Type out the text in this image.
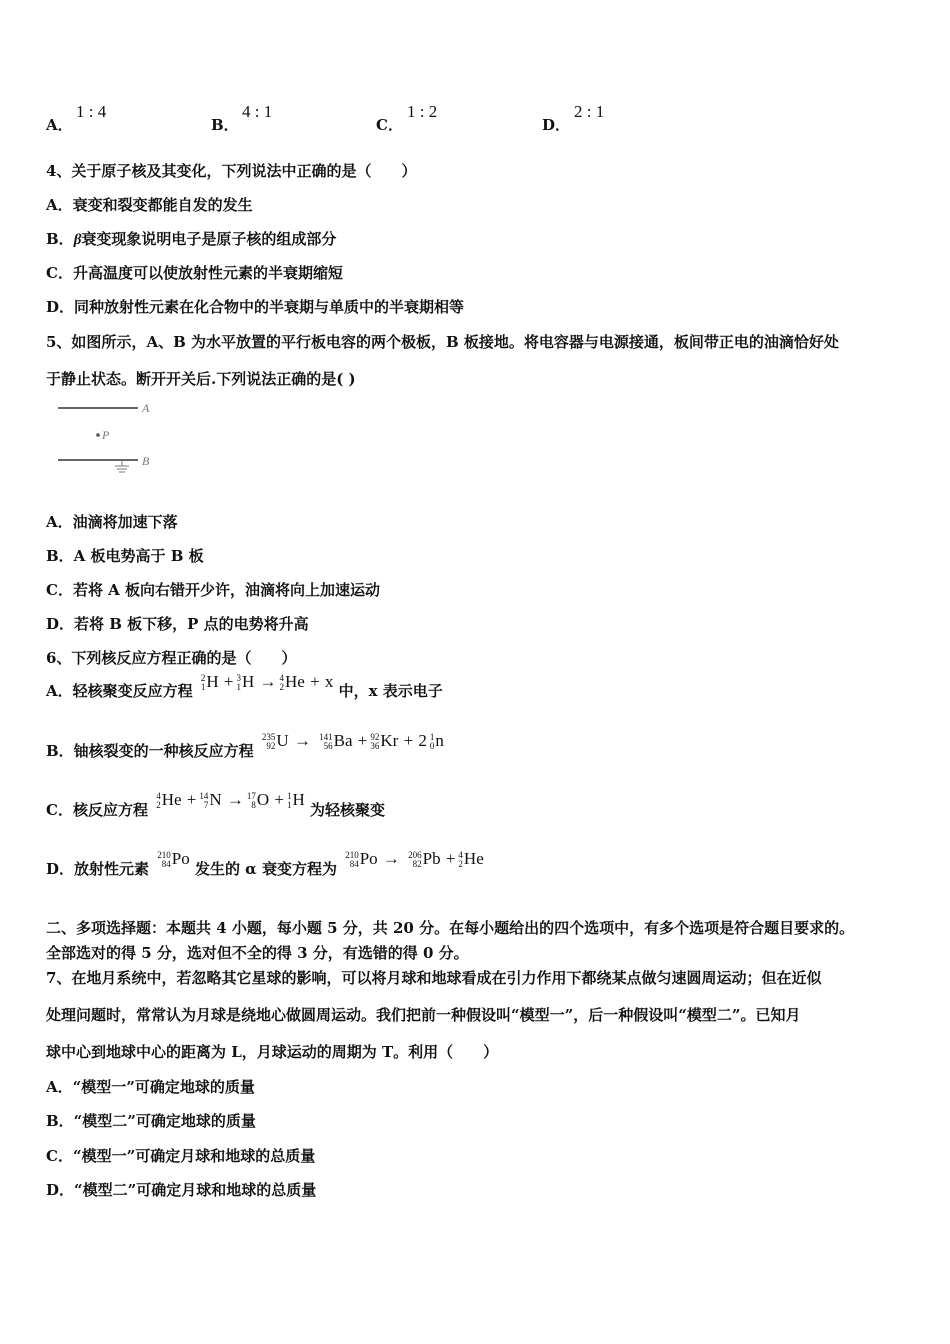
A．
1 : 4
B．
4 : 1
C．
1 : 2
D．
2 : 1
4、关于原子核及其变化，下列说法中正确的是（　　）
A．衰变和裂变都能自发的发生
B．β衰变现象说明电子是原子核的组成部分
C．升高温度可以使放射性元素的半衰期缩短
D．同种放射性元素在化合物中的半衰期与单质中的半衰期相等
5、如图所示，A、B 为水平放置的平行板电容的两个极板，B 板接地。将电容器与电源接通，板间带正电的油滴恰好处
于静止状态。断开开关后.下列说法正确的是( )
A
P
B
A．油滴将加速下落
B．A 板电势高于 B 板
C．若将 A 板向右错开少许，油滴将向上加速运动
D．若将 B 板下移，P 点的电势将升高
6、下列核反应方程正确的是（　　）
A．轻核聚变反应方程
2
1 H + 3
1 H → 4
2 He + x 中，x 表示电子
B．铀核裂变的一种核反应方程
235
92 U → 141
56 Ba + 92
36 Kr + 2 1
0 n
C．核反应方程
4
2 He + 14
7 N → 17
8 O + 1
1 H 为轻核聚变
D．放射性元素
210
84 Po 发生的 α 衰变方程为
210
84 Po → 206
82 Pb + 4
2 He
二、多项选择题：本题共 4 小题，每小题 5 分，共 20 分。在每小题给出的四个选项中，有多个选项是符合题目要求的。
全部选对的得 5 分，选对但不全的得 3 分，有选错的得 0 分。
7、在地月系统中，若忽略其它星球的影响，可以将月球和地球看成在引力作用下都绕某点做匀速圆周运动；但在近似
处理问题时，常常认为月球是绕地心做圆周运动。我们把前一种假设叫“模型一”，后一种假设叫“模型二”。已知月
球中心到地球中心的距离为 L，月球运动的周期为 T。利用（　　）
A．“模型一”可确定地球的质量
B．“模型二”可确定地球的质量
C．“模型一”可确定月球和地球的总质量
D．“模型二”可确定月球和地球的总质量
